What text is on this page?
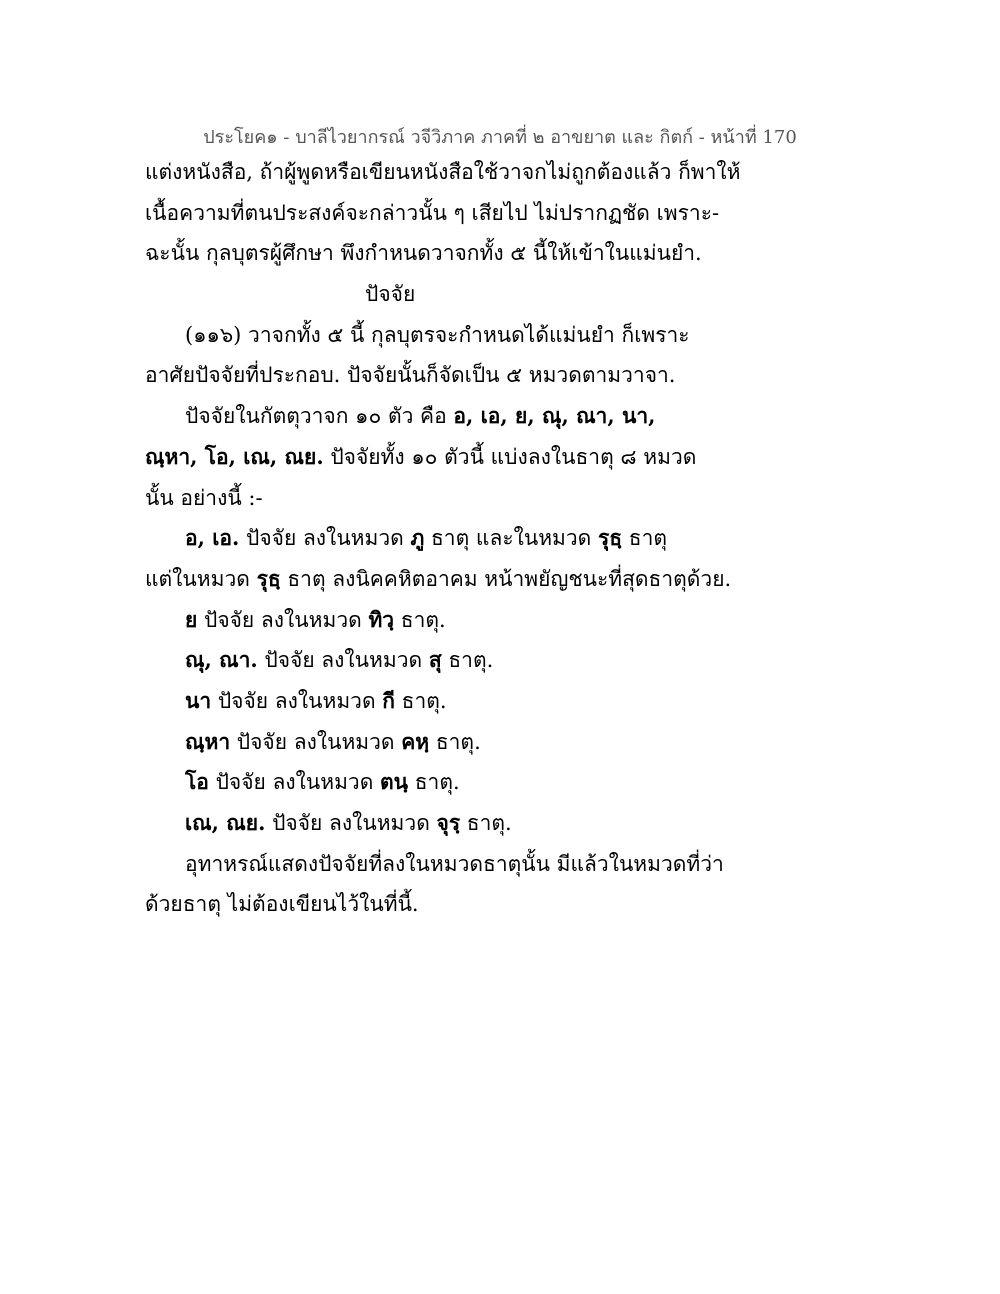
ประโยค๑ - บาลีไวยากรณ์ วจีวิภาค ภาคที่ ๒ อาขยาต และ กิตก์ - หน้าที่ 170
แต่งหนังสือ, ถ้าผู้พูดหรือเขียนหนังสือใช้วาจกไม่ถูกต้องแล้ว ก็พาให้
เนื้อความที่ตนประสงค์จะกล่าวนั้น ๆ เสียไป ไม่ปรากฏชัด เพราะ-
ฉะนั้น กุลบุตรผู้ศึกษา พึงกำหนดวาจกทั้ง ๕ นี้ให้เข้าในแม่นยำ.
ปัจจัย
(๑๑๖) วาจกทั้ง ๕ นี้ กุลบุตรจะกำหนดได้แม่นยำ ก็เพราะ
อาศัยปัจจัยที่ประกอบ. ปัจจัยนั้นก็จัดเป็น ๕ หมวดตามวาจา.
ปัจจัยในกัตตุวาจก ๑๐ ตัว คือ อ, เอ, ย, ณุ, ณา, นา,
ณฺหา, โอ, เณ, ณย. ปัจจัยทั้ง ๑๐ ตัวนี้ แบ่งลงในธาตุ ๘ หมวด
นั้น อย่างนี้ :-
อ, เอ. ปัจจัย ลงในหมวด ภู ธาตุ และในหมวด รุธฺ ธาตุ
แต่ในหมวด รุธฺ ธาตุ ลงนิคคหิตอาคม หน้าพยัญชนะที่สุดธาตุด้วย.
ย ปัจจัย ลงในหมวด ทิวฺ ธาตุ.
ณุ, ณา. ปัจจัย ลงในหมวด สุ ธาตุ.
นา ปัจจัย ลงในหมวด กี ธาตุ.
ณฺหา ปัจจัย ลงในหมวด คหฺ ธาตุ.
โอ ปัจจัย ลงในหมวด ตนฺ ธาตุ.
เณ, ณย. ปัจจัย ลงในหมวด จุรฺ ธาตุ.
อุทาหรณ์แสดงปัจจัยที่ลงในหมวดธาตุนั้น มีแล้วในหมวดที่ว่า
ด้วยธาตุ ไม่ต้องเขียนไว้ในที่นี้.
